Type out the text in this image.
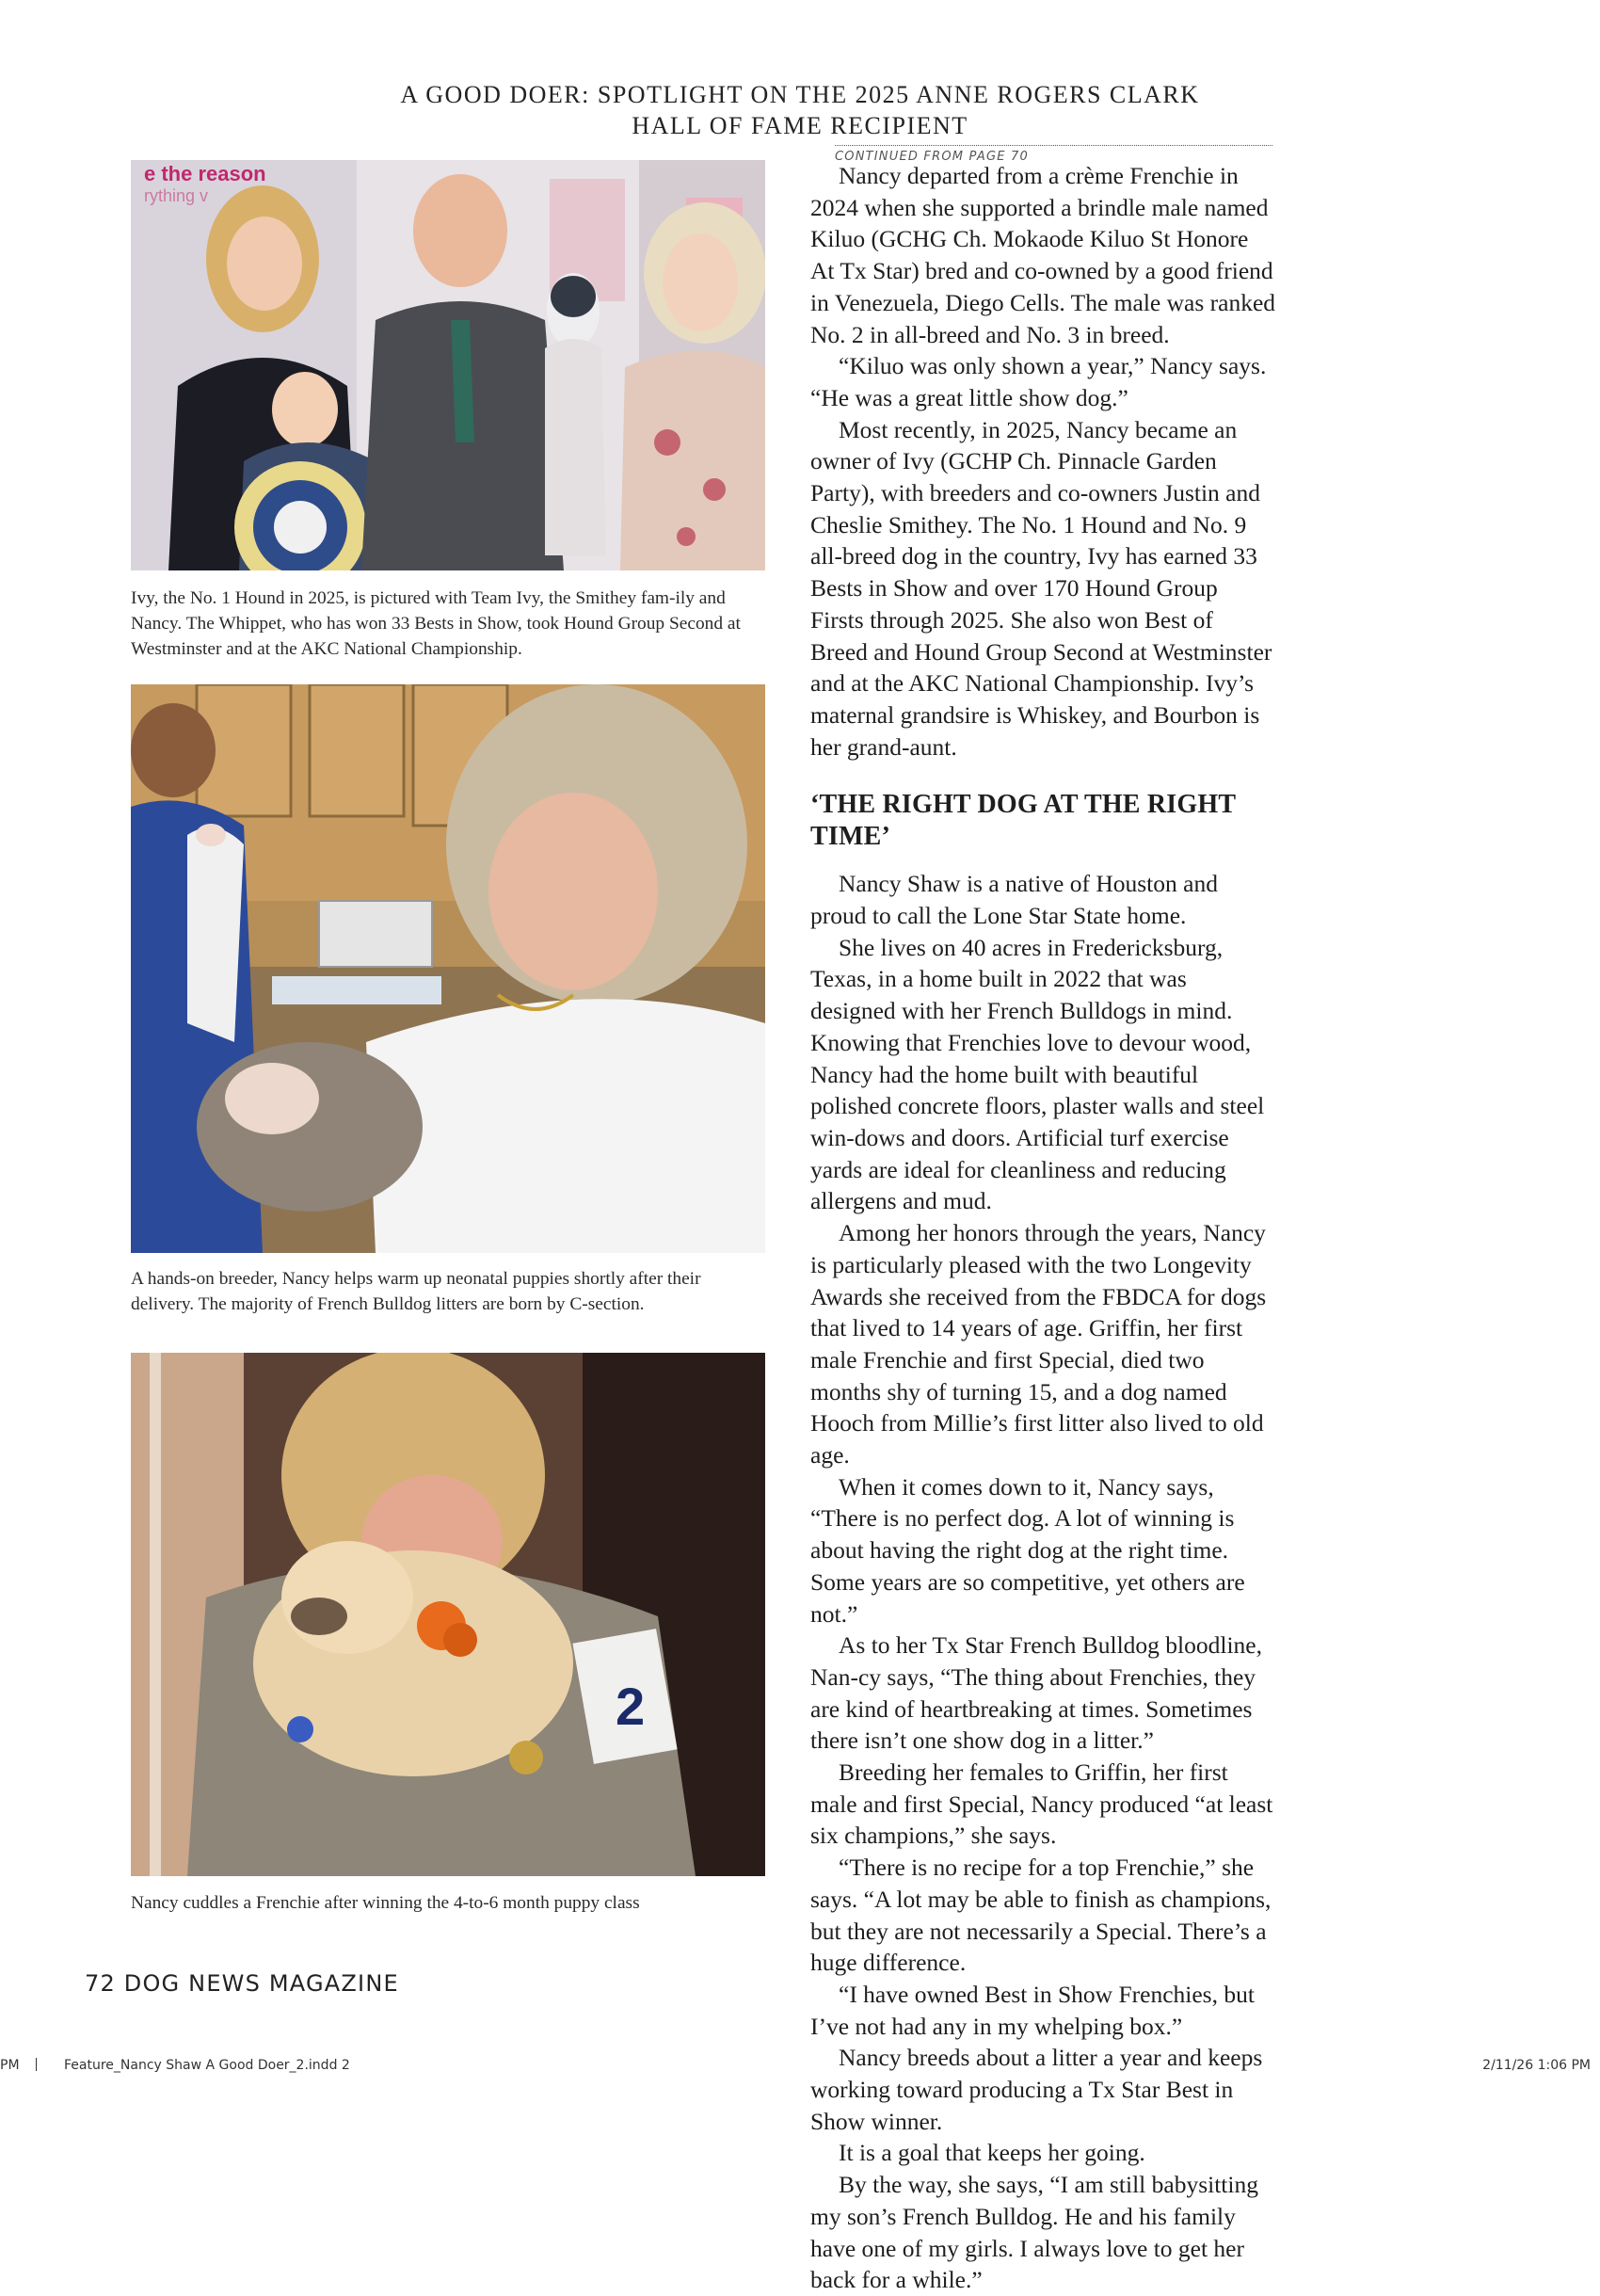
A GOOD DOER: SPOTLIGHT ON THE 2025 ANNE ROGERS CLARK
HALL OF FAME RECIPIENT
CONTINUED FROM PAGE 70
e the reason
rything v
Ivy, the No. 1 Hound in 2025, is pictured with Team Ivy, the Smithey fam-ily and Nancy. The Whippet, who has won 33 Bests in Show, took Hound Group Second at Westminster and at the AKC National Championship.
A hands-on breeder, Nancy helps warm up neonatal puppies shortly after their delivery. The majority of French Bulldog litters are born by C-section.
2
Nancy cuddles a Frenchie after winning the 4-to-6 month puppy class

Nancy departed from a crème Frenchie in 2024 when she supported a brindle male named Kiluo (GCHG Ch. Mokaode Kiluo St Honore At Tx Star) bred and co-owned by a good friend in Venezuela, Diego Cells. The male was ranked No. 2 in all-breed and No. 3 in breed.

“Kiluo was only shown a year,” Nancy says. “He was a great little show dog.”

Most recently, in 2025, Nancy became an owner of Ivy (GCHP Ch. Pinnacle Garden Party), with breeders and co-owners Justin and Cheslie Smithey. The No. 1 Hound and No. 9 all-breed dog in the country, Ivy has earned 33 Bests in Show and over 170 Hound Group Firsts through 2025. She also won Best of Breed and Hound Group Second at Westminster and at the AKC National Championship. Ivy’s maternal grandsire is Whiskey, and Bourbon is her grand-aunt.

‘THE RIGHT DOG AT THE RIGHT TIME’

Nancy Shaw is a native of Houston and proud to call the Lone Star State home.

She lives on 40 acres in Fredericksburg, Texas, in a home built in 2022 that was designed with her French Bulldogs in mind. Knowing that Frenchies love to devour wood, Nancy had the home built with beautiful polished concrete floors, plaster walls and steel win-dows and doors. Artificial turf exercise yards are ideal for cleanliness and reducing allergens and mud.

Among her honors through the years, Nancy is particularly pleased with the two Longevity Awards she received from the FBDCA for dogs that lived to 14 years of age. Griffin, her first male Frenchie and first Special, died two months shy of turning 15, and a dog named Hooch from Millie’s first litter also lived to old age.

When it comes down to it, Nancy says, “There is no perfect dog. A lot of winning is about having the right dog at the right time. Some years are so competitive, yet others are not.”

As to her Tx Star French Bulldog bloodline, Nan-cy says, “The thing about Frenchies, they are kind of heartbreaking at times. Sometimes there isn’t one show dog in a litter.”

Breeding her females to Griffin, her first male and first Special, Nancy produced “at least six champions,” she says.

“There is no recipe for a top Frenchie,” she says. “A lot may be able to finish as champions, but they are not necessarily a Special. There’s a huge difference.

“I have owned Best in Show Frenchies, but I’ve not had any in my whelping box.”

Nancy breeds about a litter a year and keeps working toward producing a Tx Star Best in Show winner.

It is a goal that keeps her going.

By the way, she says, “I am still babysitting my son’s French Bulldog. He and his family have one of my girls. I always love to get her back for a while.”

72 DOG NEWS MAGAZINE
PM	Feature_Nancy Shaw A Good Doer_2.indd 2	2/11/26 1:06 PM
